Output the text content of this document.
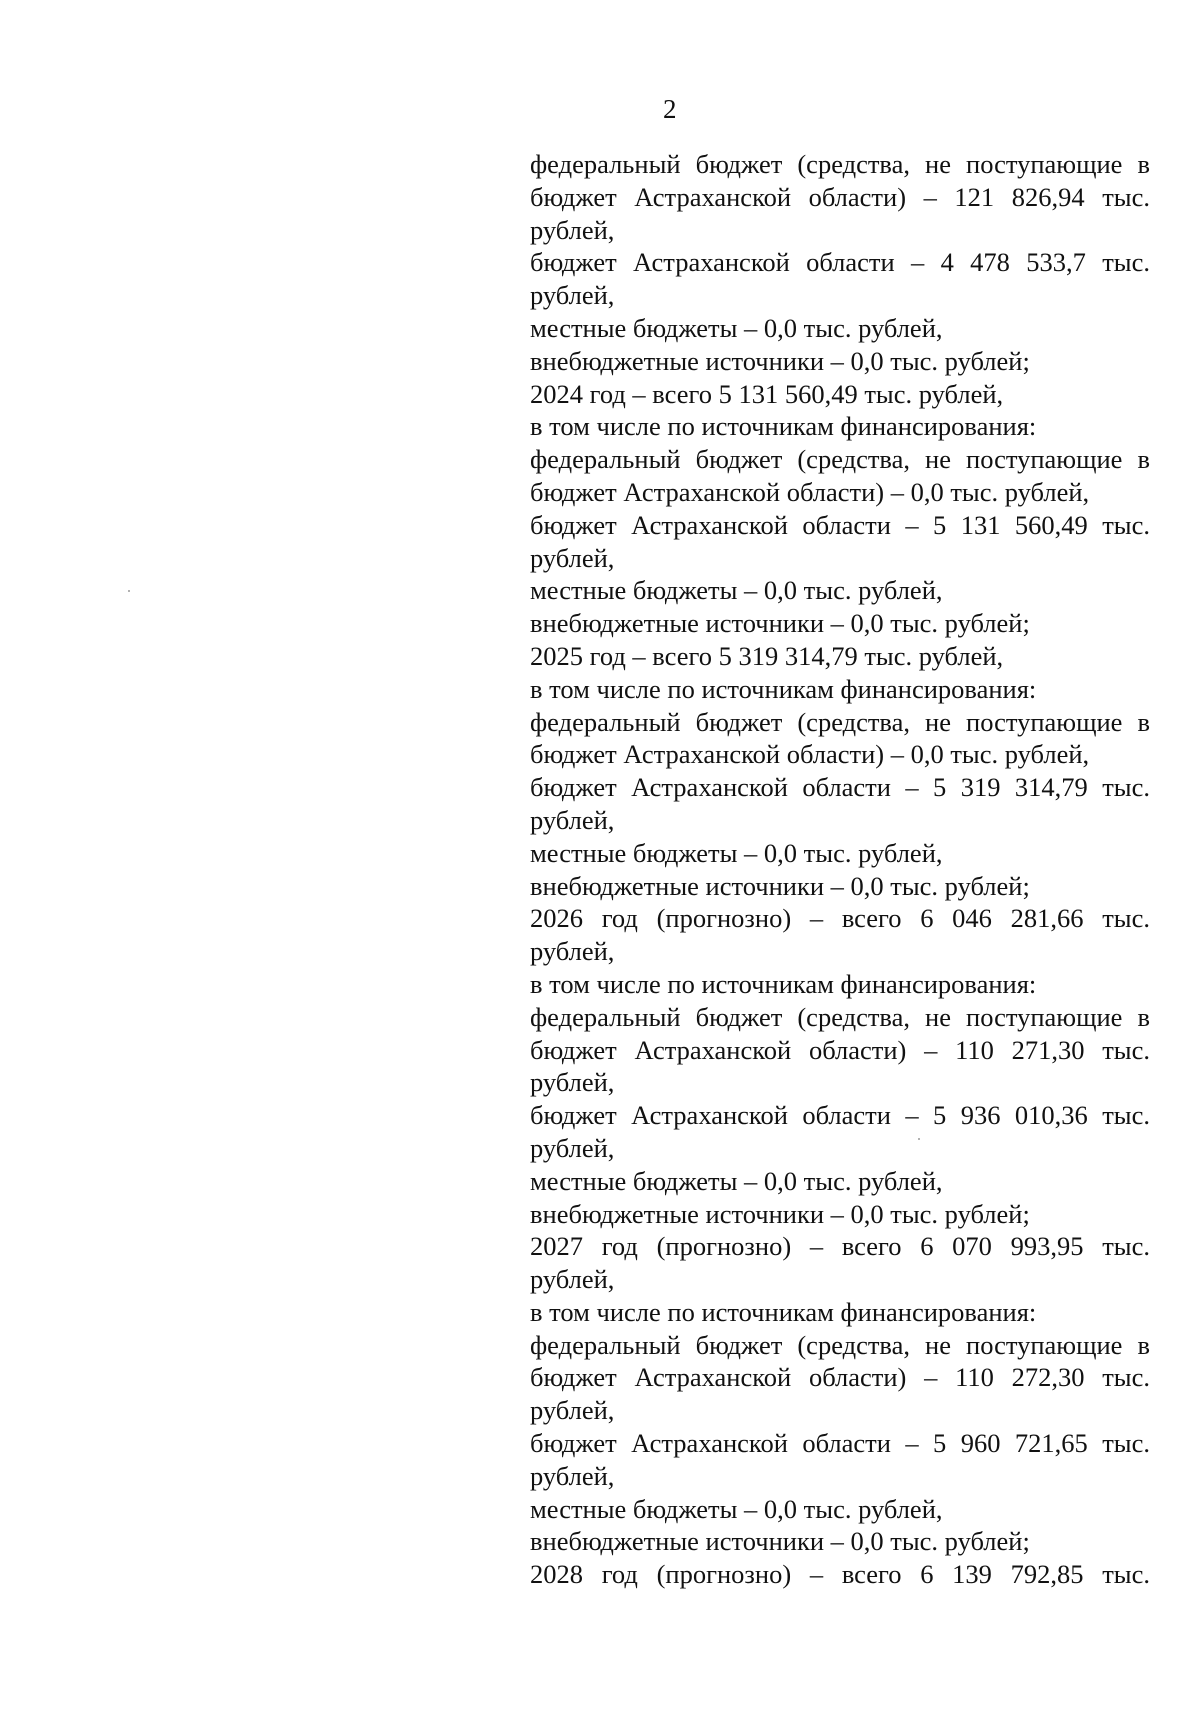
2
федеральный бюджет (средства, не поступающие в
бюджет Астраханской области) – 121 826,94 тыс.
рублей,
бюджет Астраханской области – 4 478 533,7 тыс.
рублей,
местные бюджеты – 0,0 тыс. рублей,
внебюджетные источники – 0,0 тыс. рублей;
2024 год – всего 5 131 560,49 тыс. рублей,
в том числе по источникам финансирования:
федеральный бюджет (средства, не поступающие в
бюджет Астраханской области) – 0,0 тыс. рублей,
бюджет Астраханской области – 5 131 560,49 тыс.
рублей,
местные бюджеты – 0,0 тыс. рублей,
внебюджетные источники – 0,0 тыс. рублей;
2025 год – всего 5 319 314,79 тыс. рублей,
в том числе по источникам финансирования:
федеральный бюджет (средства, не поступающие в
бюджет Астраханской области) – 0,0 тыс. рублей,
бюджет Астраханской области – 5 319 314,79 тыс.
рублей,
местные бюджеты – 0,0 тыс. рублей,
внебюджетные источники – 0,0 тыс. рублей;
2026 год (прогнозно) – всего 6 046 281,66 тыс.
рублей,
в том числе по источникам финансирования:
федеральный бюджет (средства, не поступающие в
бюджет Астраханской области) – 110 271,30 тыс.
рублей,
бюджет Астраханской области – 5 936 010,36 тыс.
рублей,
местные бюджеты – 0,0 тыс. рублей,
внебюджетные источники – 0,0 тыс. рублей;
2027 год (прогнозно) – всего 6 070 993,95 тыс.
рублей,
в том числе по источникам финансирования:
федеральный бюджет (средства, не поступающие в
бюджет Астраханской области) – 110 272,30 тыс.
рублей,
бюджет Астраханской области – 5 960 721,65 тыс.
рублей,
местные бюджеты – 0,0 тыс. рублей,
внебюджетные источники – 0,0 тыс. рублей;
2028 год (прогнозно) – всего 6 139 792,85 тыс.
